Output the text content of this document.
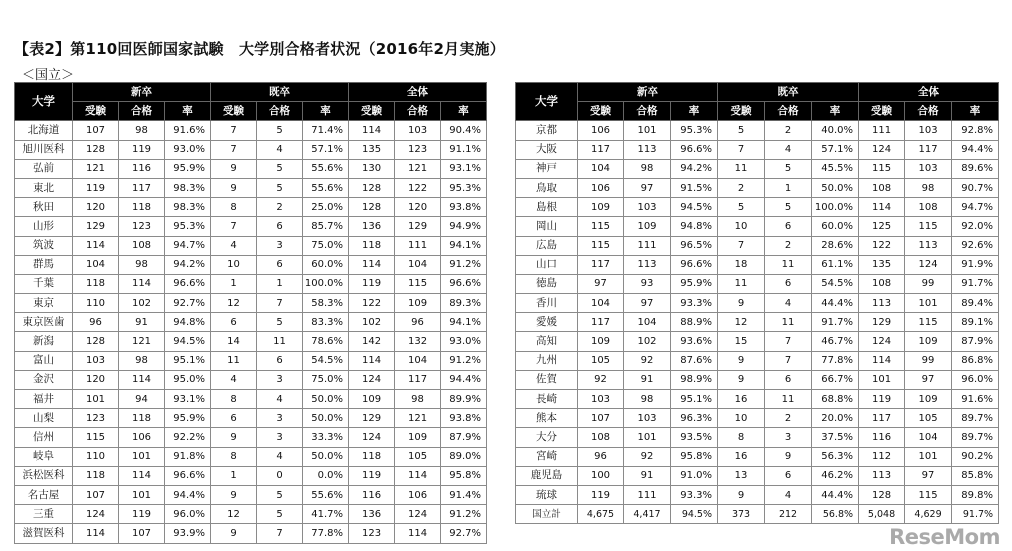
【表2】第110回医師国家試験　大学別合格者状況（2016年2月実施）
＜国立＞
大学	新卒			既卒			全体		
	受験	合格	率	受験	合格	率	受験	合格	率
北海道	107	98	91.6%	7	5	71.4%	114	103	90.4%
旭川医科	128	119	93.0%	7	4	57.1%	135	123	91.1%
弘前	121	116	95.9%	9	5	55.6%	130	121	93.1%
東北	119	117	98.3%	9	5	55.6%	128	122	95.3%
秋田	120	118	98.3%	8	2	25.0%	128	120	93.8%
山形	129	123	95.3%	7	6	85.7%	136	129	94.9%
筑波	114	108	94.7%	4	3	75.0%	118	111	94.1%
群馬	104	98	94.2%	10	6	60.0%	114	104	91.2%
千葉	118	114	96.6%	1	1	100.0%	119	115	96.6%
東京	110	102	92.7%	12	7	58.3%	122	109	89.3%
東京医歯	96	91	94.8%	6	5	83.3%	102	96	94.1%
新潟	128	121	94.5%	14	11	78.6%	142	132	93.0%
富山	103	98	95.1%	11	6	54.5%	114	104	91.2%
金沢	120	114	95.0%	4	3	75.0%	124	117	94.4%
福井	101	94	93.1%	8	4	50.0%	109	98	89.9%
山梨	123	118	95.9%	6	3	50.0%	129	121	93.8%
信州	115	106	92.2%	9	3	33.3%	124	109	87.9%
岐阜	110	101	91.8%	8	4	50.0%	118	105	89.0%
浜松医科	118	114	96.6%	1	0	0.0%	119	114	95.8%
名古屋	107	101	94.4%	9	5	55.6%	116	106	91.4%
三重	124	119	96.0%	12	5	41.7%	136	124	91.2%
滋賀医科	114	107	93.9%	9	7	77.8%	123	114	92.7%
大学	新卒			既卒			全体		
	受験	合格	率	受験	合格	率	受験	合格	率
京都	106	101	95.3%	5	2	40.0%	111	103	92.8%
大阪	117	113	96.6%	7	4	57.1%	124	117	94.4%
神戸	104	98	94.2%	11	5	45.5%	115	103	89.6%
鳥取	106	97	91.5%	2	1	50.0%	108	98	90.7%
島根	109	103	94.5%	5	5	100.0%	114	108	94.7%
岡山	115	109	94.8%	10	6	60.0%	125	115	92.0%
広島	115	111	96.5%	7	2	28.6%	122	113	92.6%
山口	117	113	96.6%	18	11	61.1%	135	124	91.9%
徳島	97	93	95.9%	11	6	54.5%	108	99	91.7%
香川	104	97	93.3%	9	4	44.4%	113	101	89.4%
愛媛	117	104	88.9%	12	11	91.7%	129	115	89.1%
高知	109	102	93.6%	15	7	46.7%	124	109	87.9%
九州	105	92	87.6%	9	7	77.8%	114	99	86.8%
佐賀	92	91	98.9%	9	6	66.7%	101	97	96.0%
長崎	103	98	95.1%	16	11	68.8%	119	109	91.6%
熊本	107	103	96.3%	10	2	20.0%	117	105	89.7%
大分	108	101	93.5%	8	3	37.5%	116	104	89.7%
宮崎	96	92	95.8%	16	9	56.3%	112	101	90.2%
鹿児島	100	91	91.0%	13	6	46.2%	113	97	85.8%
琉球	119	111	93.3%	9	4	44.4%	128	115	89.8%
国立計	4,675	4,417	94.5%	373	212	56.8%	5,048	4,629	91.7%
ReseMom
